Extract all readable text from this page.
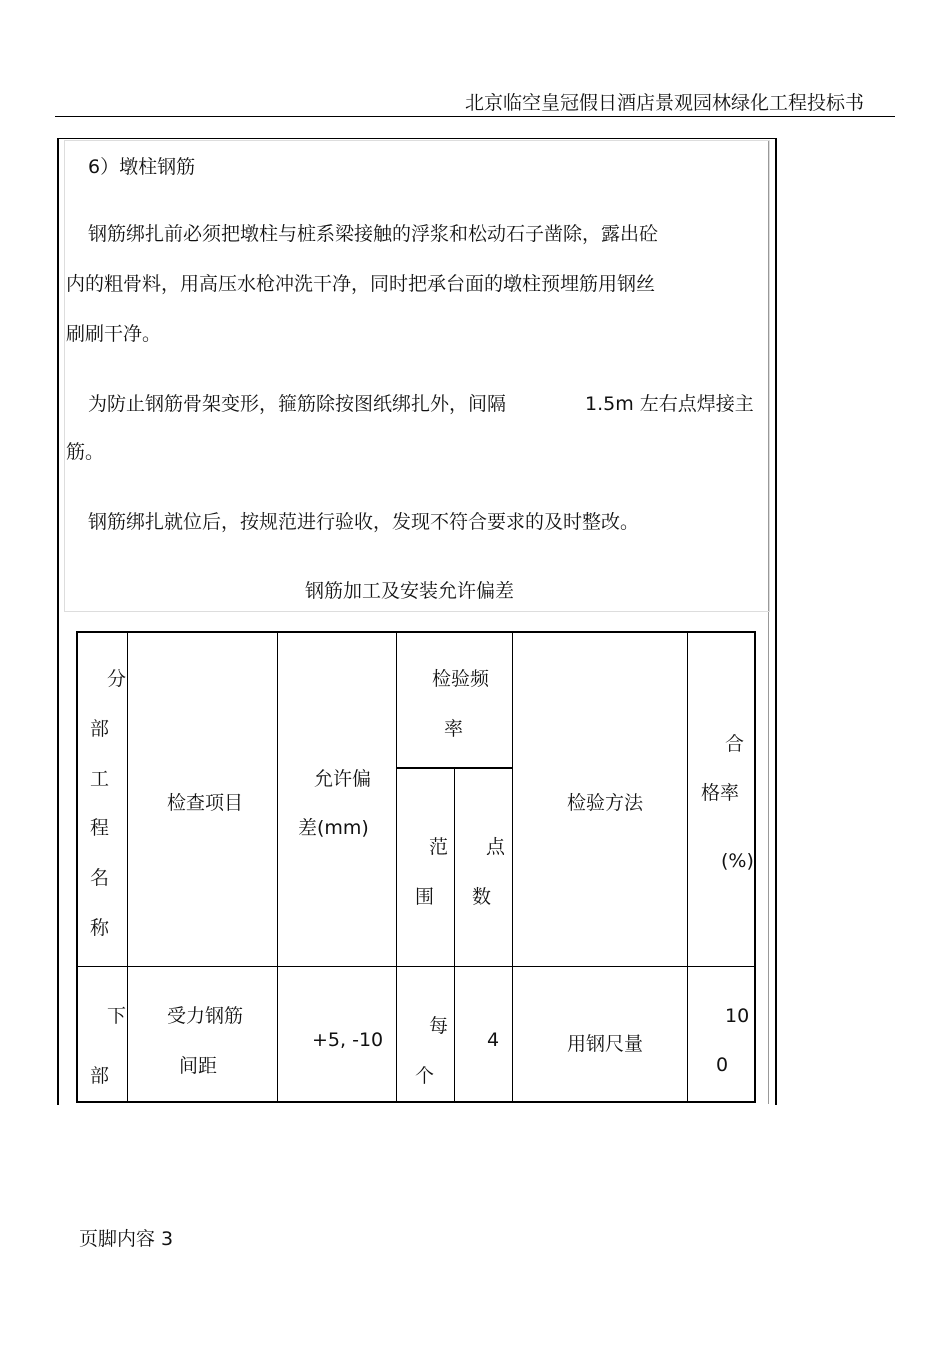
北京临空皇冠假日酒店景观园林绿化工程投标书
6）墩柱钢筋
钢筋绑扎前必须把墩柱与桩系梁接触的浮浆和松动石子凿除，露出砼
内的粗骨料，用高压水枪冲洗干净，同时把承台面的墩柱预埋筋用钢丝
刷刷干净。
为防止钢筋骨架变形，箍筋除按图纸绑扎外，间隔	1.5m 左右点焊接主
筋。
钢筋绑扎就位后，按规范进行验收，发现不符合要求的及时整改。
钢筋加工及安装允许偏差
分
部
工
程
名
称
检查项目
允许偏
差(mm)
检验频
率
范
围
点
数
检验方法
合
格率
(%)
下
部
受力钢筋
间距
+5, -10
每
个
4	用钢尺量
10
0
页脚内容 3
